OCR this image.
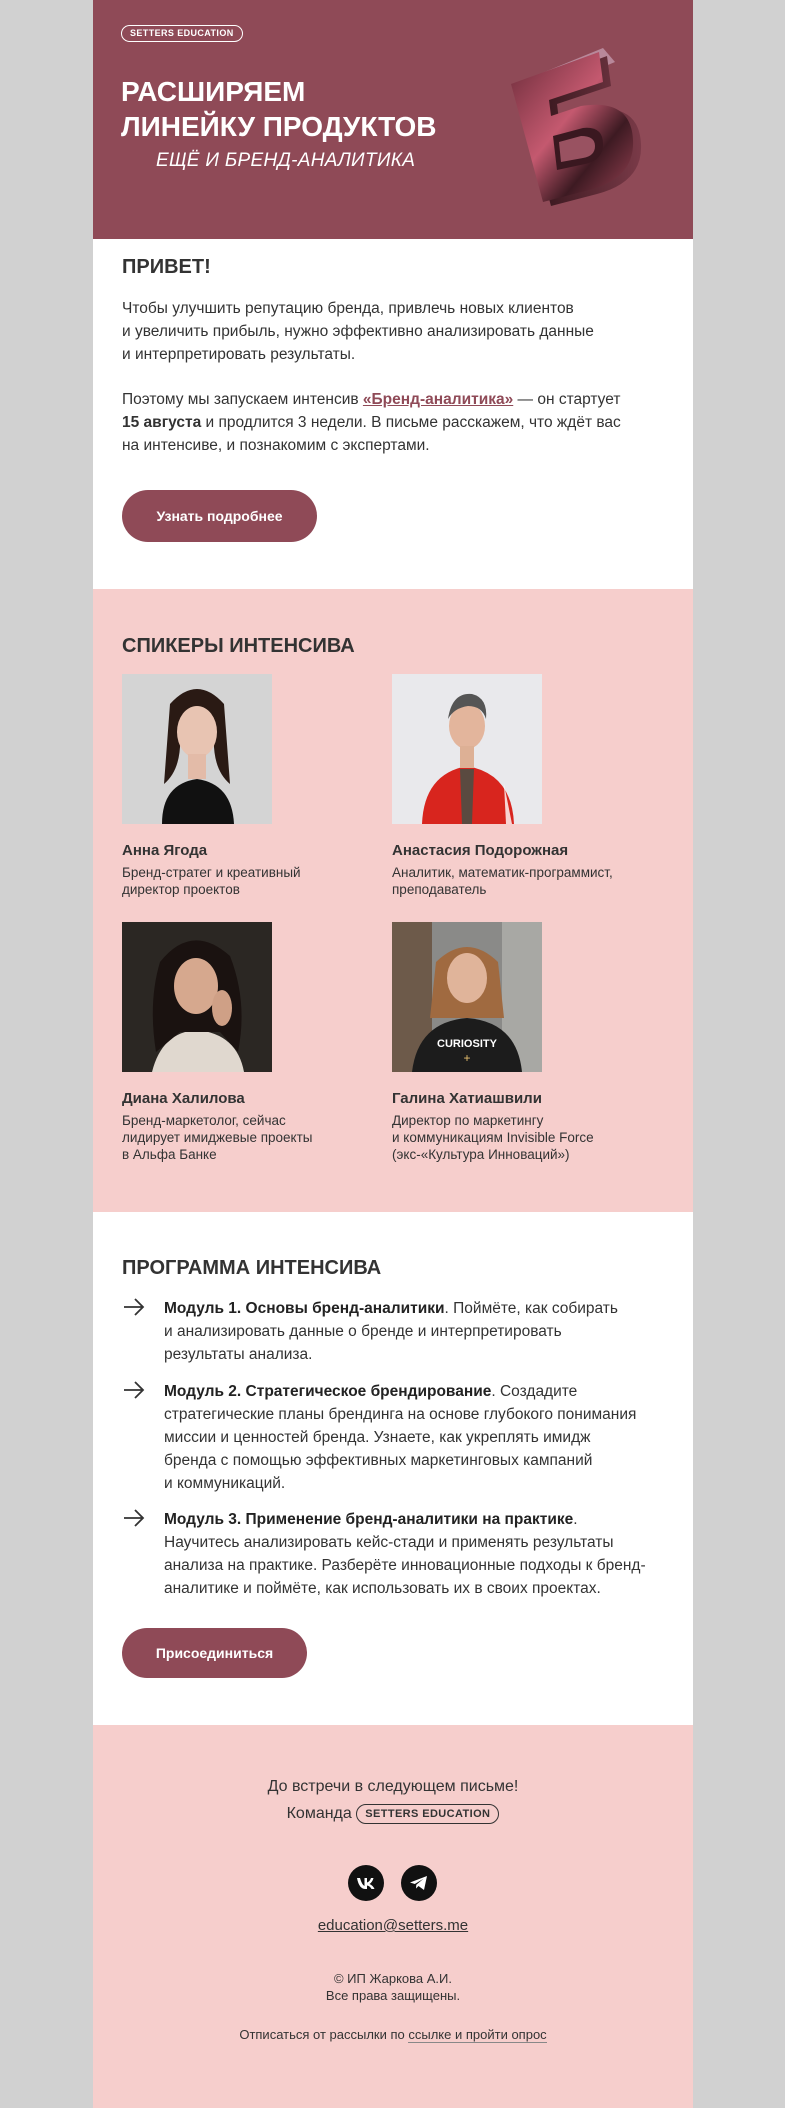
SETTERS EDUCATION
РАСШИРЯЕМ
ЛИНЕЙКУ ПРОДУКТОВ
ЕЩЁ И БРЕНД-АНАЛИТИКА
ПРИВЕТ!
Чтобы улучшить репутацию бренда, привлечь новых клиентов
и увеличить прибыль, нужно эффективно анализировать данные
и интерпретировать результаты.
Поэтому мы запускаем интенсив «Бренд-аналитика» — он стартует
15 августа и продлится 3 недели. В письме расскажем, что ждёт вас
на интенсиве, и познакомим с экспертами.
Узнать подробнее
СПИКЕРЫ ИНТЕНСИВА
Анна Ягода
Бренд-стратег и креативный
директор проектов
Анастасия Подорожная
Аналитик, математик-программист,
преподаватель
Диана Халилова
Бренд-маркетолог, сейчас
лидирует имиджевые проекты
в Альфа Банке
CURIOSITY
+
Галина Хатиашвили
Директор по маркетингу
и коммуникациям Invisible Force
(экс-«Культура Инноваций»)
ПРОГРАММА ИНТЕНСИВА
Модуль 1. Основы бренд-аналитики. Поймёте, как собирать
и анализировать данные о бренде и интерпретировать
результаты анализа.
Модуль 2. Стратегическое брендирование. Создадите
стратегические планы брендинга на основе глубокого понимания
миссии и ценностей бренда. Узнаете, как укреплять имидж
бренда с помощью эффективных маркетинговых кампаний
и коммуникаций.
Модуль 3. Применение бренд-аналитики на практике.
Научитесь анализировать кейс-стади и применять результаты
анализа на практике. Разберёте инновационные подходы к бренд-
аналитике и поймёте, как использовать их в своих проектах.
Присоединиться
До встречи в следующем письме!
Команда SETTERS EDUCATION
education@setters.me
© ИП Жаркова А.И.
Все права защищены.
Отписаться от рассылки по ссылке и пройти опрос
